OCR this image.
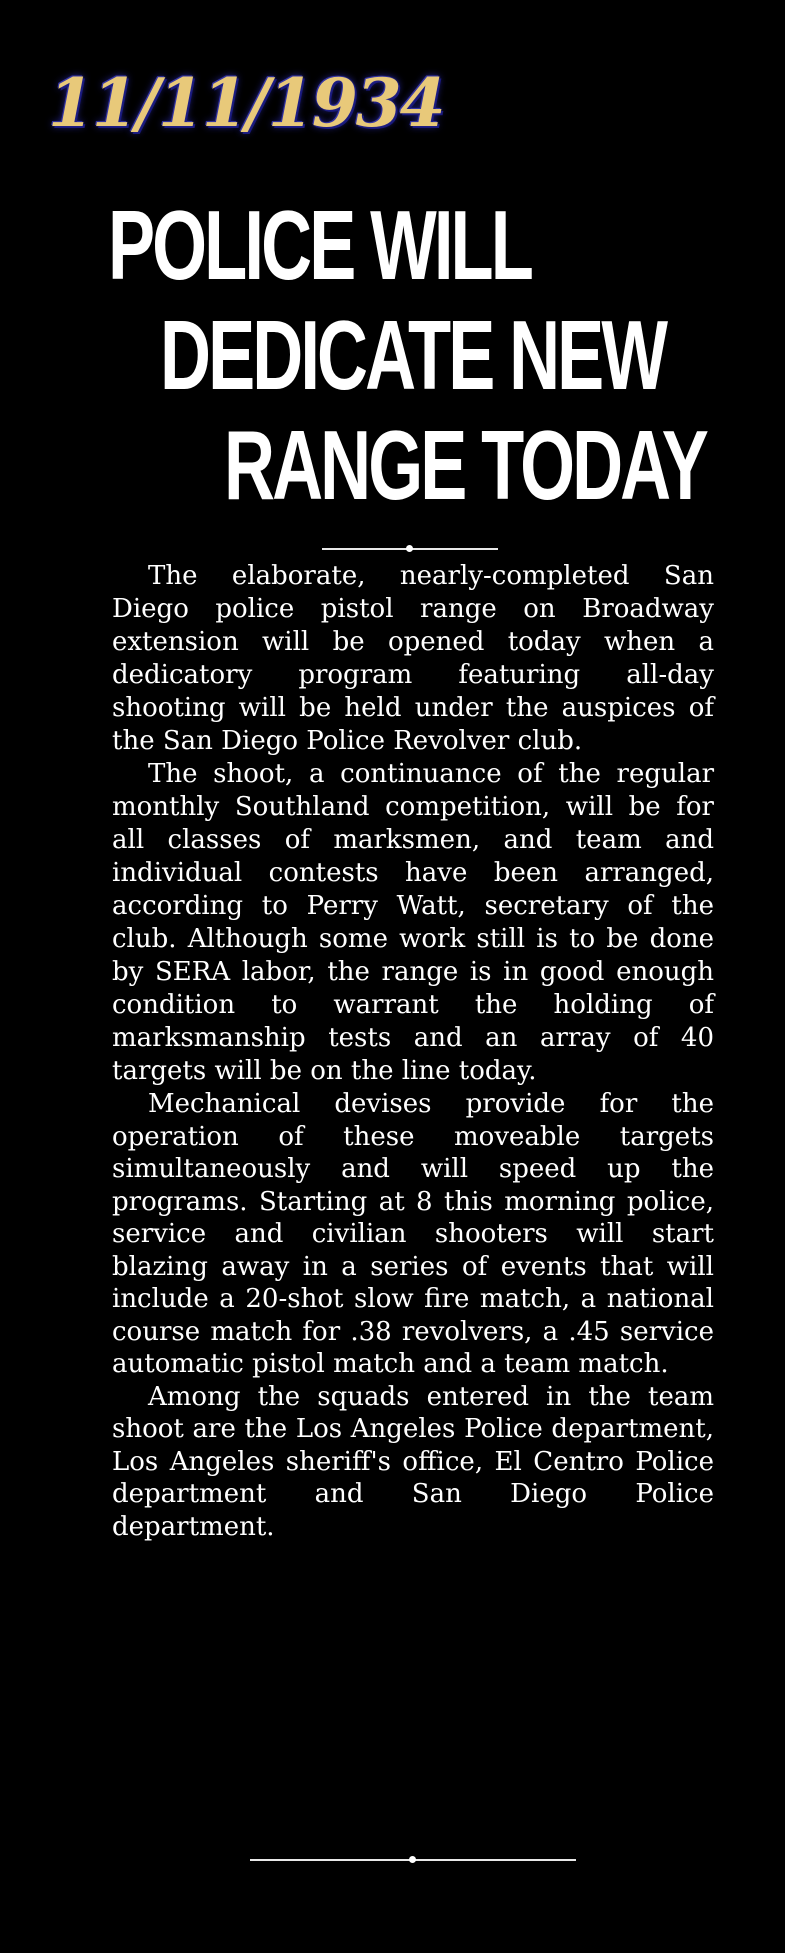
11/11/1934
POLICE WILL
DEDICATE NEW
RANGE TODAY

The elaborate, nearly-completed San Diego police pistol range on Broadway extension will be opened today when a dedicatory program featuring all-day shooting will be held under the auspices of the San Diego Police Revolver club.

The shoot, a continuance of the regular monthly Southland competition, will be for all classes of marksmen, and team and individual contests have been arranged, according to Perry Watt, secretary of the club. Although some work still is to be done by SERA labor, the range is in good enough condition to warrant the holding of marksmanship tests and an array of 40 targets will be on the line today.

Mechanical devises provide for the operation of these moveable targets simultaneously and will speed up the programs. Starting at 8 this morning police, service and civilian shooters will start blazing away in a series of events that will include a 20-shot slow fire match, a national course match for .38 revolvers, a .45 service automatic pistol match and a team match.

Among the squads entered in the team shoot are the Los Angeles Police department, Los Angeles sheriff's office, El Centro Police department and San Diego Police department.
